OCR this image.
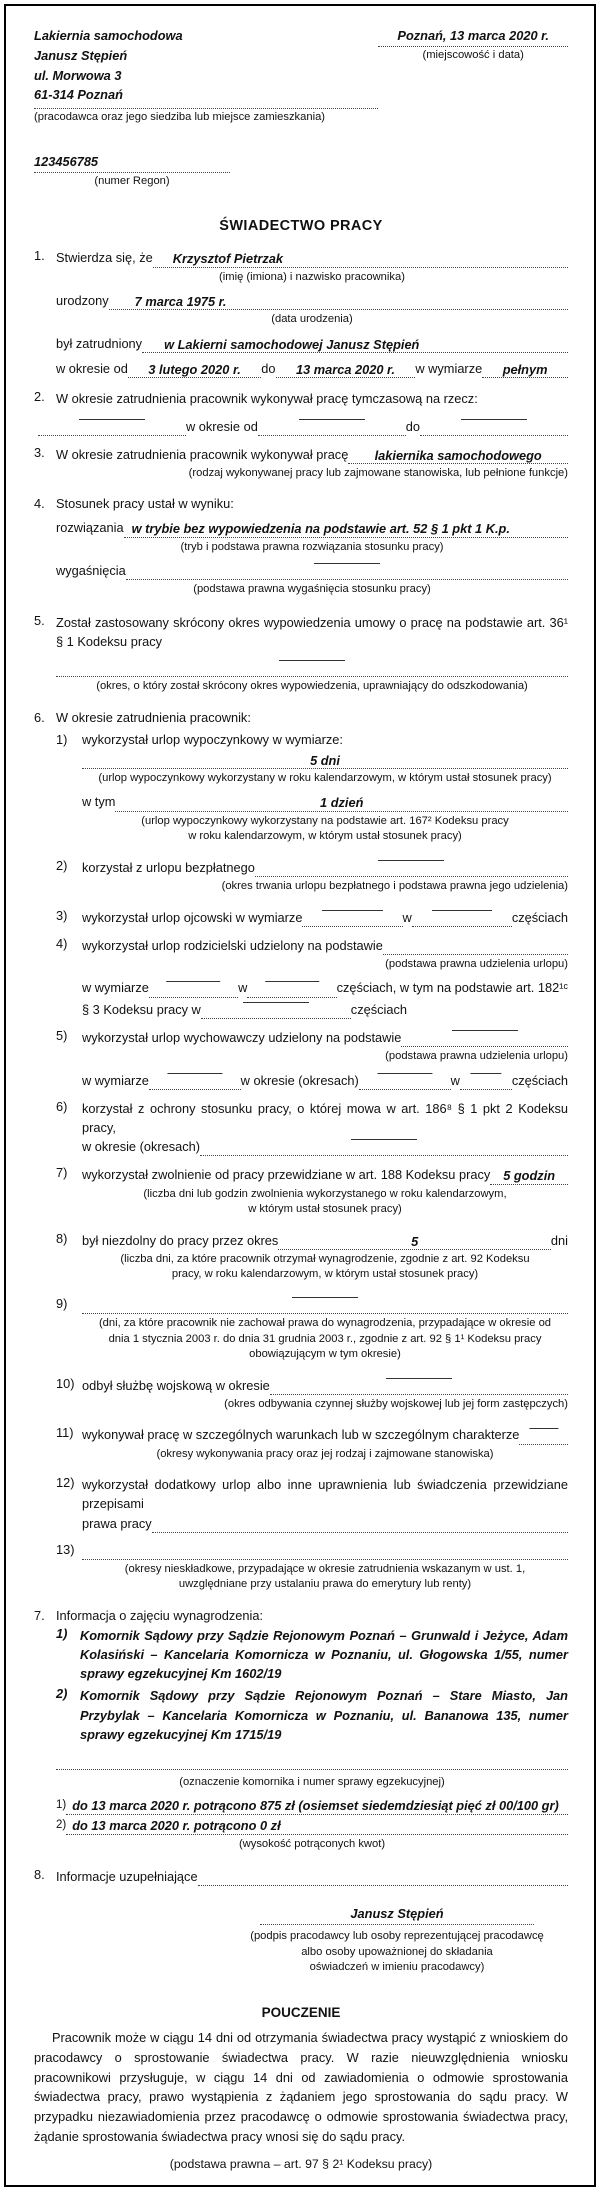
Lakiernia samochodowa
Janusz Stępień
ul. Morwowa 3
61-314 Poznań
(pracodawca oraz jego siedziba lub miejsce zamieszkania)
Poznań, 13 marca 2020 r.
(miejscowość i data)
123456785
(numer Regon)
ŚWIADECTWO PRACY
1. Stwierdza się, że	Krzysztof Pietrzak
(imię (imiona) i nazwisko pracownika)
urodzony	7 marca 1975 r.
(data urodzenia)
był zatrudniony	w Lakierni samochodowej Janusz Stępień
w okresie od	3 lutego 2020 r.	do	13 marca 2020 r.	w wymiarze	pełnym
2. W okresie zatrudnienia pracownik wykonywał pracę tymczasową na rzecz:
w okresie od	do
3. W okresie zatrudnienia pracownik wykonywał pracę	lakiernika samochodowego
(rodzaj wykonywanej pracy lub zajmowane stanowiska, lub pełnione funkcje)
4. Stosunek pracy ustał w wyniku:
rozwiązania w trybie bez wypowiedzenia na podstawie art. 52 § 1 pkt 1 K.p.
(tryb i podstawa prawna rozwiązania stosunku pracy)
wygaśnięcia
(podstawa prawna wygaśnięcia stosunku pracy)
5. Został zastosowany skrócony okres wypowiedzenia umowy o pracę na podstawie art. 36¹ § 1 Kodeksu pracy
(okres, o który został skrócony okres wypowiedzenia, uprawniający do odszkodowania)
6. W okresie zatrudnienia pracownik:
1)	wykorzystał urlop wypoczynkowy w wymiarze:
5 dni
(urlop wypoczynkowy wykorzystany w roku kalendarzowym, w którym ustał stosunek pracy)
w tym	1 dzień
(urlop wypoczynkowy wykorzystany na podstawie art. 167² Kodeksu pracy
w roku kalendarzowym, w którym ustał stosunek pracy)
2)	korzystał z urlopu bezpłatnego
(okres trwania urlopu bezpłatnego i podstawa prawna jego udzielenia)
3)	wykorzystał urlop ojcowski w wymiarze	w	częściach
4)	wykorzystał urlop rodzicielski udzielony na podstawie
(podstawa prawna udzielenia urlopu)
w wymiarze	w	częściach, w tym na podstawie art. 182¹ᶜ
§ 3 Kodeksu pracy w	częściach
5)	wykorzystał urlop wychowawczy udzielony na podstawie
(podstawa prawna udzielenia urlopu)
w wymiarze	w okresie (okresach)	w	częściach
6)	korzystał z ochrony stosunku pracy, o której mowa w art. 186⁸ § 1 pkt 2 Kodeksu pracy,
w okresie (okresach)
7)	wykorzystał zwolnienie od pracy przewidziane w art. 188 Kodeksu pracy	5 godzin
(liczba dni lub godzin zwolnienia wykorzystanego w roku kalendarzowym,
w którym ustał stosunek pracy)
8)	był niezdolny do pracy przez okres	5	dni
(liczba dni, za które pracownik otrzymał wynagrodzenie, zgodnie z art. 92 Kodeksu
pracy, w roku kalendarzowym, w którym ustał stosunek pracy)
9)
(dni, za które pracownik nie zachował prawa do wynagrodzenia, przypadające w okresie od
dnia 1 stycznia 2003 r. do dnia 31 grudnia 2003 r., zgodnie z art. 92 § 1¹ Kodeksu pracy
obowiązującym w tym okresie)
10) odbył służbę wojskową w okresie
(okres odbywania czynnej służby wojskowej lub jej form zastępczych)
11) wykonywał pracę w szczególnych warunkach lub w szczególnym charakterze
(okresy wykonywania pracy oraz jej rodzaj i zajmowane stanowiska)
12) wykorzystał dodatkowy urlop albo inne uprawnienia lub świadczenia przewidziane przepisami
prawa pracy
13)
(okresy nieskładkowe, przypadające w okresie zatrudnienia wskazanym w ust. 1,
uwzględniane przy ustalaniu prawa do emerytury lub renty)
7. Informacja o zajęciu wynagrodzenia:
1) Komornik Sądowy przy Sądzie Rejonowym Poznań – Grunwald i Jeżyce, Adam Kolasiński – Kancelaria Komornicza w Poznaniu, ul. Głogowska 1/55, numer sprawy egzekucyjnej Km 1602/19
2) Komornik Sądowy przy Sądzie Rejonowym Poznań – Stare Miasto, Jan Przybylak – Kancelaria Komornicza w Poznaniu, ul. Bananowa 135, numer sprawy egzekucyjnej Km 1715/19
(oznaczenie komornika i numer sprawy egzekucyjnej)
1) do 13 marca 2020 r. potrącono 875 zł (osiemset siedemdziesiąt pięć zł 00/100 gr)
2) do 13 marca 2020 r. potrącono 0 zł
(wysokość potrąconych kwot)
8. Informacje uzupełniające
Janusz Stępień
(podpis pracodawcy lub osoby reprezentującej pracodawcę
albo osoby upoważnionej do składania
oświadczeń w imieniu pracodawcy)
POUCZENIE
Pracownik może w ciągu 14 dni od otrzymania świadectwa pracy wystąpić z wnioskiem do pracodawcy o sprostowanie świadectwa pracy. W razie nieuwzględnienia wniosku pracownikowi przysługuje, w ciągu 14 dni od zawiadomienia o odmowie sprostowania świadectwa pracy, prawo wystąpienia z żądaniem jego sprostowania do sądu pracy. W przypadku niezawiadomienia przez pracodawcę o odmowie sprostowania świadectwa pracy, żądanie sprostowania świadectwa pracy wnosi się do sądu pracy.
(podstawa prawna – art. 97 § 2¹ Kodeksu pracy)
